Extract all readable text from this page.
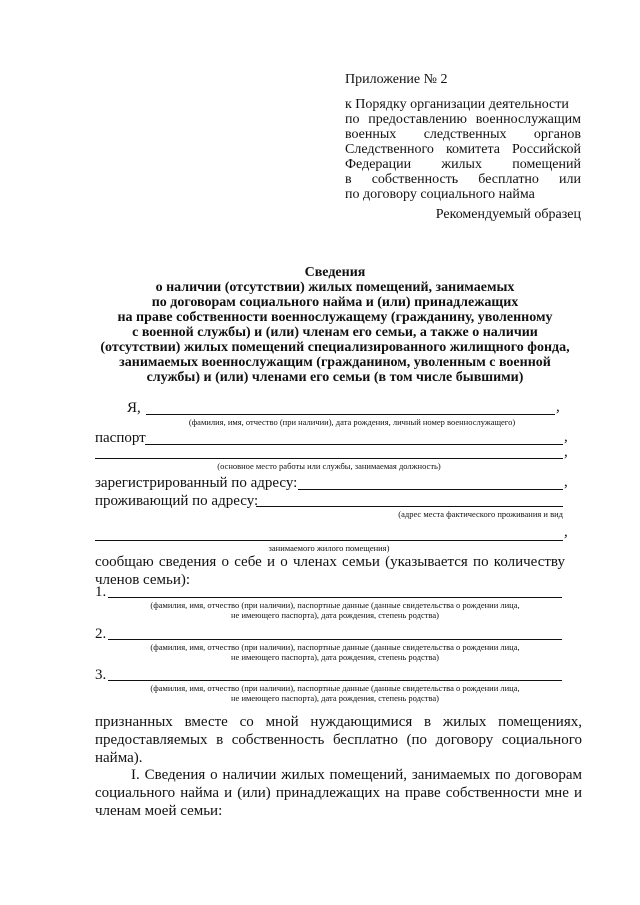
Приложение № 2

к Порядку организации деятельности

по предоставлению военнослужащим

военных следственных органов

Следственного комитета Российской

Федерации жилых помещений

в собственность бесплатно или

по договору социального найма

Рекомендуемый образец
Сведения
о наличии (отсутствии) жилых помещений, занимаемых
по договорам социального найма и (или) принадлежащих
на праве собственности военнослужащему (гражданину, уволенному
с военной службы) и (или) членам его семьи, а также о наличии
(отсутствии) жилых помещений специализированного жилищного фонда,
занимаемых военнослужащим (гражданином, уволенным с военной
службы) и (или) членами его семьи (в том числе бывшими)
Я,	,
(фамилия, имя, отчество (при наличии), дата рождения, личный номер военнослужащего)
паспорт	,
,
(основное место работы или службы, занимаемая должность)
зарегистрированный по адресу:	,
проживающий по адресу:
(адрес места фактического проживания и вид
,
занимаемого жилого помещения)
сообщаю сведения о себе и о членах семьи (указывается по количеству членов семьи):
1.
(фамилия, имя, отчество (при наличии), паспортные данные (данные свидетельства о рождении лица,
не имеющего паспорта), дата рождения, степень родства)
2.
(фамилия, имя, отчество (при наличии), паспортные данные (данные свидетельства о рождении лица,
не имеющего паспорта), дата рождения, степень родства)
3.
(фамилия, имя, отчество (при наличии), паспортные данные (данные свидетельства о рождении лица,
не имеющего паспорта), дата рождения, степень родства)
признанных вместе со мной нуждающимися в жилых помещениях, предоставляемых в собственность бесплатно (по договору социального найма).
I. Сведения о наличии жилых помещений, занимаемых по договорам социального найма и (или) принадлежащих на праве собственности мне и членам моей семьи:
